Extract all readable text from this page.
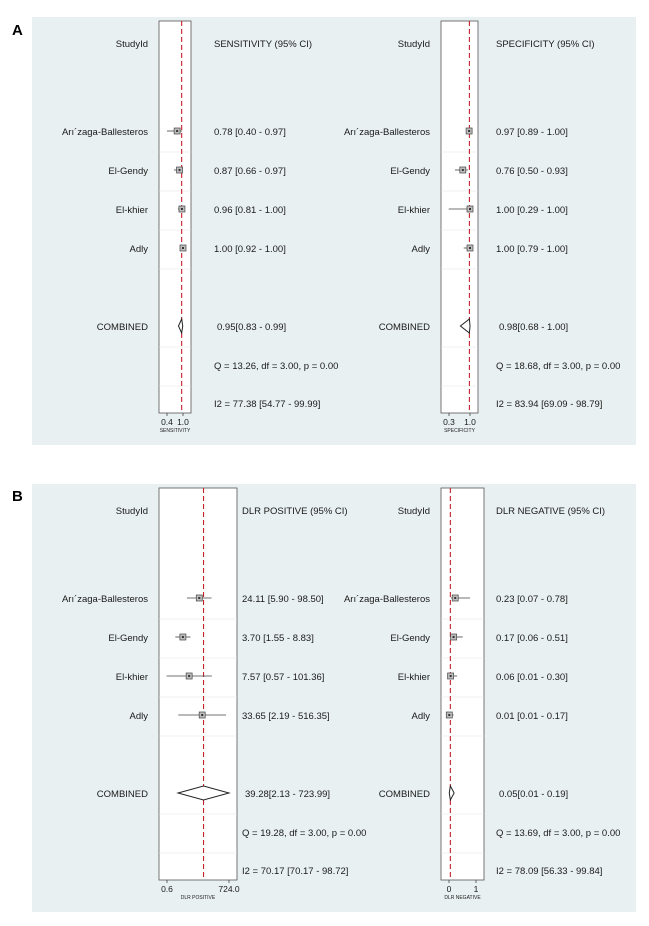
A
StudyId	SENSITIVITY (95% CI)
Arı´zaga-Ballesteros	0.78 [0.40 - 0.97]
El-Gendy	0.87 [0.66 - 0.97]
El-khier	0.96 [0.81 - 1.00]
Adly	1.00 [0.92 - 1.00]
COMBINED	0.95[0.83 - 0.99]
Q = 13.26, df = 3.00, p = 0.00
I2 = 77.38 [54.77 - 99.99]
0.4 1.0
SENSITIVITY
StudyId	SPECIFICITY (95% CI)
Arı´zaga-Ballesteros	0.97 [0.89 - 1.00]
El-Gendy	0.76 [0.50 - 0.93]
El-khier	1.00 [0.29 - 1.00]
Adly	1.00 [0.79 - 1.00]
COMBINED	0.98[0.68 - 1.00]
Q = 18.68, df = 3.00, p = 0.00
I2 = 83.94 [69.09 - 98.79]
0.3 1.0
SPECIFICITY
B
StudyId	DLR POSITIVE (95% CI)
Arı´zaga-Ballesteros	24.11 [5.90 - 98.50]
El-Gendy	3.70 [1.55 - 8.83]
El-khier	7.57 [0.57 - 101.36]
Adly	33.65 [2.19 - 516.35]
COMBINED	39.28[2.13 - 723.99]
Q = 19.28, df = 3.00, p = 0.00
I2 = 70.17 [70.17 - 98.72]
0.6	724.0
DLR POSITIVE
StudyId	DLR NEGATIVE (95% CI)
Arı´zaga-Ballesteros	0.23 [0.07 - 0.78]
El-Gendy	0.17 [0.06 - 0.51]
El-khier	0.06 [0.01 - 0.30]
Adly	0.01 [0.01 - 0.17]
COMBINED	0.05[0.01 - 0.19]
Q = 13.69, df = 3.00, p = 0.00
I2 = 78.09 [56.33 - 99.84]
0	1
DLR NEGATIVE
